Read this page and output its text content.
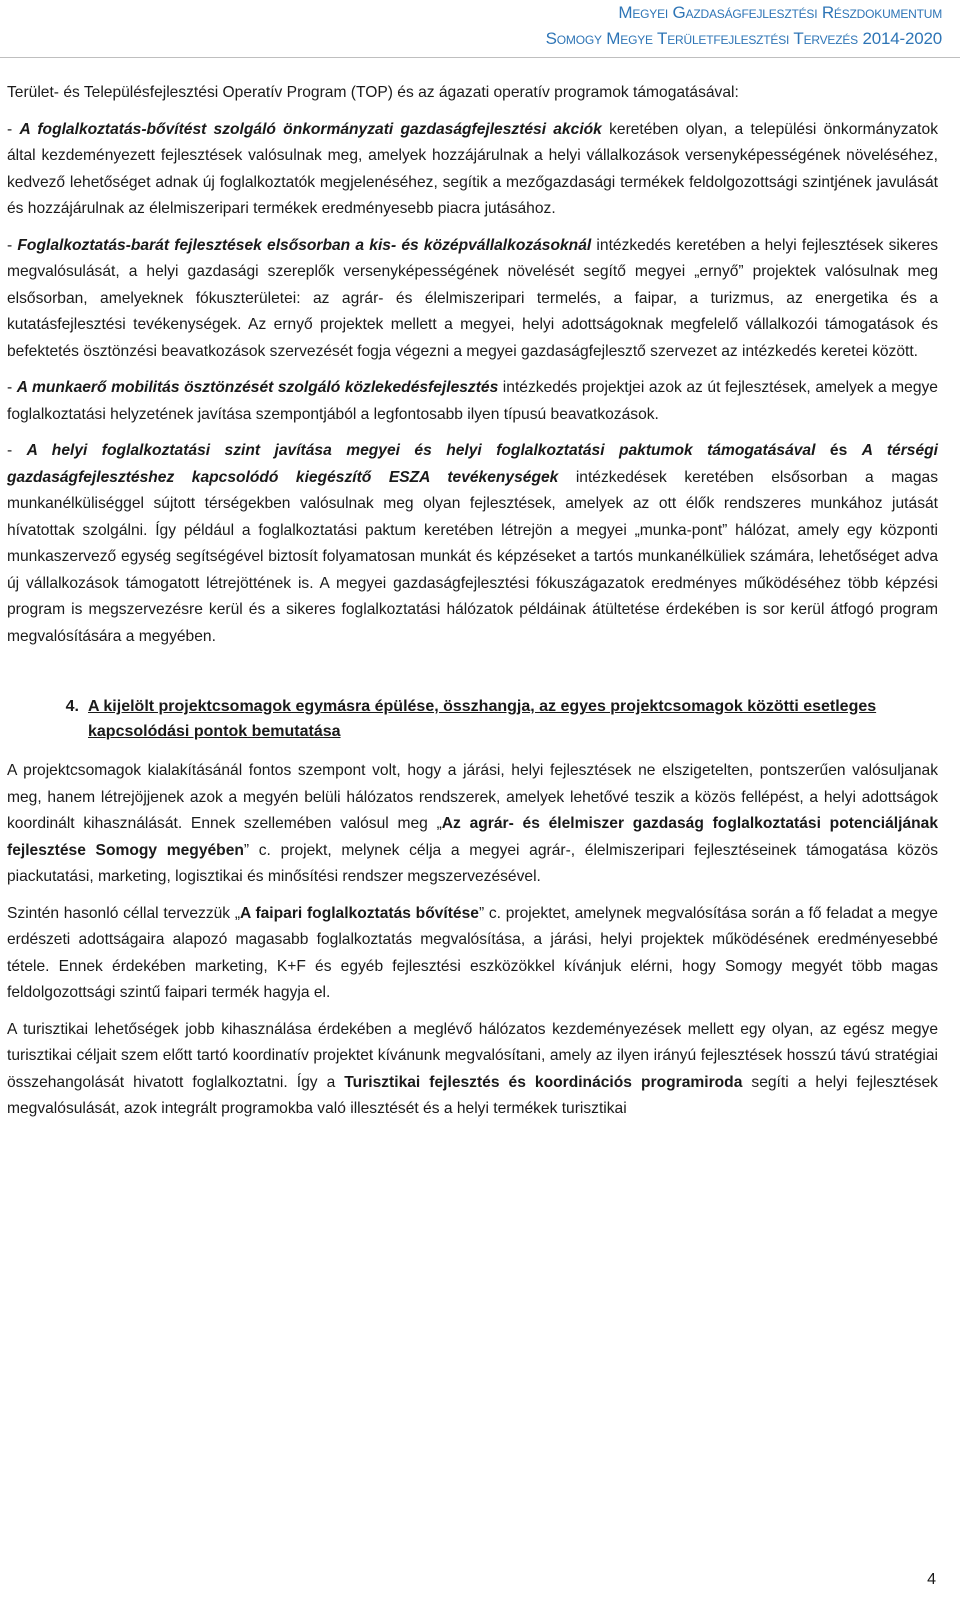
Megyei Gazdaságfejlesztési Részdokumentum
Somogy Megye Területfejlesztési Tervezés 2014-2020

Terület- és Településfejlesztési Operatív Program (TOP) és az ágazati operatív programok támogatásával:

- A foglalkoztatás-bővítést szolgáló önkormányzati gazdaságfejlesztési akciók keretében olyan, a települési önkormányzatok által kezdeményezett fejlesztések valósulnak meg, amelyek hozzájárulnak a helyi vállalkozások versenyképességének növeléséhez, kedvező lehetőséget adnak új foglalkoztatók megjelenéséhez, segítik a mezőgazdasági termékek feldolgozottsági szintjének javulását és hozzájárulnak az élelmiszeripari termékek eredményesebb piacra jutásához.

- Foglalkoztatás-barát fejlesztések elsősorban a kis- és középvállalkozásoknál intézkedés keretében a helyi fejlesztések sikeres megvalósulását, a helyi gazdasági szereplők versenyképességének növelését segítő megyei „ernyő” projektek valósulnak meg elsősorban, amelyeknek fókuszterületei: az agrár- és élelmiszeripari termelés, a faipar, a turizmus, az energetika és a kutatásfejlesztési tevékenységek. Az ernyő projektek mellett a megyei, helyi adottságoknak megfelelő vállalkozói támogatások és befektetés ösztönzési beavatkozások szervezését fogja végezni a megyei gazdaságfejlesztő szervezet az intézkedés keretei között.

- A munkaerő mobilitás ösztönzését szolgáló közlekedésfejlesztés intézkedés projektjei azok az út fejlesztések, amelyek a megye foglalkoztatási helyzetének javítása szempontjából a legfontosabb ilyen típusú beavatkozások.

- A helyi foglalkoztatási szint javítása megyei és helyi foglalkoztatási paktumok támogatásával és A térségi gazdaságfejlesztéshez kapcsolódó kiegészítő ESZA tevékenységek intézkedések keretében elsősorban a magas munkanélküliséggel sújtott térségekben valósulnak meg olyan fejlesztések, amelyek az ott élők rendszeres munkához jutását hívatottak szolgálni. Így például a foglalkoztatási paktum keretében létrejön a megyei „munka-pont” hálózat, amely egy központi munkaszervező egység segítségével biztosít folyamatosan munkát és képzéseket a tartós munkanélküliek számára, lehetőséget adva új vállalkozások támogatott létrejöttének is. A megyei gazdaságfejlesztési fókuszágazatok eredményes működéséhez több képzési program is megszervezésre kerül és a sikeres foglalkoztatási hálózatok példáinak átültetése érdekében is sor kerül átfogó program megvalósítására a megyében.

4. A kijelölt projektcsomagok egymásra épülése, összhangja, az egyes projektcsomagok közötti esetleges kapcsolódási pontok bemutatása

A projektcsomagok kialakításánál fontos szempont volt, hogy a járási, helyi fejlesztések ne elszigetelten, pontszerűen valósuljanak meg, hanem létrejöjjenek azok a megyén belüli hálózatos rendszerek, amelyek lehetővé teszik a közös fellépést, a helyi adottságok koordinált kihasználását. Ennek szellemében valósul meg „Az agrár- és élelmiszer gazdaság foglalkoztatási potenciáljának fejlesztése Somogy megyében” c. projekt, melynek célja a megyei agrár-, élelmiszeripari fejlesztéseinek támogatása közös piackutatási, marketing, logisztikai és minősítési rendszer megszervezésével.

Szintén hasonló céllal tervezzük „A faipari foglalkoztatás bővítése” c. projektet, amelynek megvalósítása során a fő feladat a megye erdészeti adottságaira alapozó magasabb foglalkoztatás megvalósítása, a járási, helyi projektek működésének eredményesebbé tétele. Ennek érdekében marketing, K+F és egyéb fejlesztési eszközökkel kívánjuk elérni, hogy Somogy megyét több magas feldolgozottsági szintű faipari termék hagyja el.

A turisztikai lehetőségek jobb kihasználása érdekében a meglévő hálózatos kezdeményezések mellett egy olyan, az egész megye turisztikai céljait szem előtt tartó koordinatív projektet kívánunk megvalósítani, amely az ilyen irányú fejlesztések hosszú távú stratégiai összehangolását hivatott foglalkoztatni. Így a Turisztikai fejlesztés és koordinációs programiroda segíti a helyi fejlesztések megvalósulását, azok integrált programokba való illesztését és a helyi termékek turisztikai

4
